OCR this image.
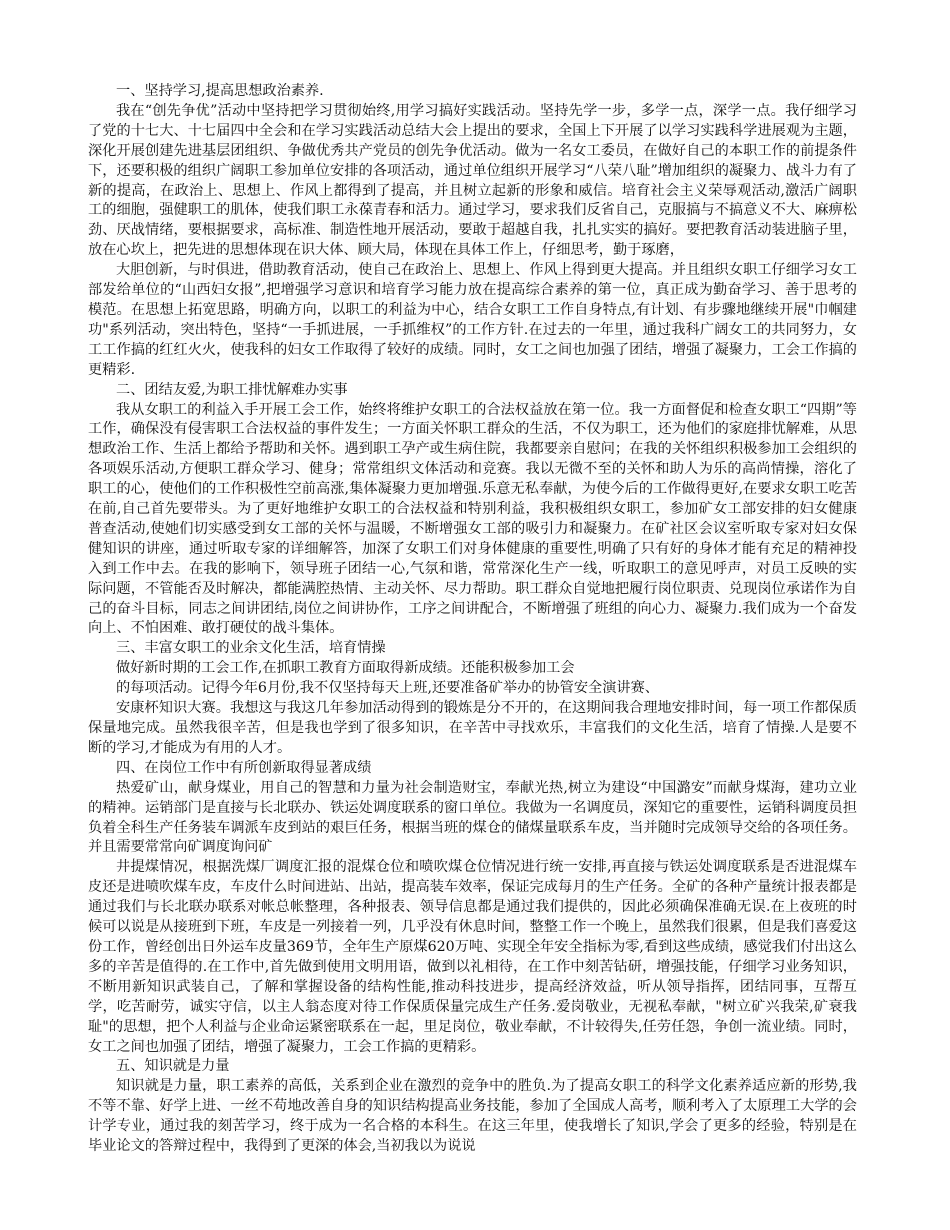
一、坚持学习,提高思想政治素养.
我在“创先争优”活动中坚持把学习贯彻始终,用学习搞好实践活动。坚持先学一步，多学一点，深学一点。我仔细学习了党的十七大、十七届四中全会和在学习实践活动总结大会上提出的要求，全国上下开展了以学习实践科学进展观为主题，深化开展创建先进基层团组织、争做优秀共产党员的创先争优活动。做为一名女工委员，在做好自己的本职工作的前提条件下，还要积极的组织广阔职工参加单位安排的各项活动，通过单位组织开展学习“八荣八耻”增加组织的凝聚力、战斗力有了新的提高，在政治上、思想上、作风上都得到了提高，并且树立起新的形象和威信。培育社会主义荣辱观活动,激活广阔职工的细胞，强健职工的肌体，使我们职工永葆青春和活力。通过学习，要求我们反省自己，克服搞与不搞意义不大、麻痹松劲、厌战情绪，要根据要求，高标准、制造性地开展活动，要敢于超越自我，扎扎实实的搞好。要把教育活动装进脑子里，放在心坎上，把先进的思想体现在识大体、顾大局，体现在具体工作上，仔细思考，勤于琢磨，
大胆创新，与时俱进，借助教育活动，使自己在政治上、思想上、作风上得到更大提高。并且组织女职工仔细学习女工部发给单位的“山西妇女报”,把增强学习意识和培育学习能力放在提高综合素养的第一位，真正成为勤奋学习、善于思考的模范。在思想上拓宽思路，明确方向，以职工的利益为中心，结合女职工工作自身特点,有计划、有步骤地继续开展"巾帼建功"系列活动，突出特色，坚持“一手抓进展，一手抓维权”的工作方针.在过去的一年里，通过我科广阔女工的共同努力，女工工作搞的红红火火，使我科的妇女工作取得了较好的成绩。同时，女工之间也加强了团结，增强了凝聚力，工会工作搞的更精彩.
二、团结友爱,为职工排忧解难办实事
我从女职工的利益入手开展工会工作，始终将维护女职工的合法权益放在第一位。我一方面督促和检查女职工“四期”等工作，确保没有侵害职工合法权益的事件发生；一方面关怀职工群众的生活，不仅为职工，还为他们的家庭排忧解难，从思想政治工作、生活上都给予帮助和关怀。遇到职工孕产或生病住院，我都要亲自慰问；在我的关怀组织积极参加工会组织的各项娱乐活动,方便职工群众学习、健身；常常组织文体活动和竞赛。我以无微不至的关怀和助人为乐的高尚情操，溶化了职工的心，使他们的工作积极性空前高涨,集体凝聚力更加增强.乐意无私奉献，为使今后的工作做得更好,在要求女职工吃苦在前,自己首先要带头。为了更好地维护女职工的合法权益和特别利益，我积极组织女职工，参加矿女工部安排的妇女健康普查活动,使她们切实感受到女工部的关怀与温暖，不断增强女工部的吸引力和凝聚力。在矿社区会议室听取专家对妇女保健知识的讲座，通过听取专家的详细解答，加深了女职工们对身体健康的重要性,明确了只有好的身体才能有充足的精神投入到工作中去。在我的影响下，领导班子团结一心,气氛和谐，常常深化生产一线，听取职工的意见呼声，对员工反映的实际问题，不管能否及时解决，都能满腔热情、主动关怀、尽力帮助。职工群众自觉地把履行岗位职责、兑现岗位承诺作为自己的奋斗目标，同志之间讲团结,岗位之间讲协作，工序之间讲配合，不断增强了班组的向心力、凝聚力.我们成为一个奋发向上、不怕困难、敢打硬仗的战斗集体。
三、丰富女职工的业余文化生活，培育情操
做好新时期的工会工作,在抓职工教育方面取得新成绩。还能积极参加工会
的每项活动。记得今年6月份,我不仅坚持每天上班,还要准备矿举办的协管安全演讲赛、
安康杯知识大赛。我想这与我这几年参加活动得到的锻炼是分不开的，在这期间我合理地安排时间，每一项工作都保质保量地完成。虽然我很辛苦，但是我也学到了很多知识，在辛苦中寻找欢乐，丰富我们的文化生活，培育了情操.人是要不断的学习,才能成为有用的人才。
四、在岗位工作中有所创新取得显著成绩
热爱矿山，献身煤业，用自己的智慧和力量为社会制造财宝，奉献光热,树立为建设“中国潞安”而献身煤海，建功立业的精神。运销部门是直接与长北联办、铁运处调度联系的窗口单位。我做为一名调度员，深知它的重要性，运销科调度员担负着全科生产任务装车调派车皮到站的艰巨任务，根据当班的煤仓的储煤量联系车皮，当并随时完成领导交给的各项任务。并且需要常常向矿调度询问矿
井提煤情况，根据洗煤厂调度汇报的混煤仓位和喷吹煤仓位情况进行统一安排,再直接与铁运处调度联系是否进混煤车皮还是进喷吹煤车皮，车皮什么时间进站、出站，提高装车效率，保证完成每月的生产任务。全矿的各种产量统计报表都是通过我们与长北联办联系对帐总帐整理，各种报表、领导信息都是通过我们提供的，因此必须确保准确无误.在上夜班的时候可以说是从接班到下班，车皮是一列接着一列，几乎没有休息时间，整整工作一个晚上，虽然我们很累，但是我们喜爱这份工作，曾经创出日外运车皮量369节，全年生产原煤620万吨、实现全年安全指标为零,看到这些成绩，感觉我们付出这么多的辛苦是值得的.在工作中,首先做到使用文明用语，做到以礼相待，在工作中刻苦钻研，增强技能，仔细学习业务知识，不断用新知识武装自己，了解和掌握设备的结构性能,推动科技进步，提高经济效益，听从领导指挥，团结同事，互帮互学，吃苦耐劳，诚实守信，以主人翁态度对待工作保质保量完成生产任务.爱岗敬业，无视私奉献，"树立矿兴我荣,矿衰我耻"的思想，把个人利益与企业命运紧密联系在一起，里足岗位，敬业奉献，不计较得失,任劳任怨，争创一流业绩。同时，女工之间也加强了团结，增强了凝聚力，工会工作搞的更精彩。
五、知识就是力量
知识就是力量，职工素养的高低，关系到企业在激烈的竞争中的胜负.为了提高女职工的科学文化素养适应新的形势,我不等不靠、好学上进、一丝不苟地改善自身的知识结构提高业务技能，参加了全国成人高考，顺利考入了太原理工大学的会计学专业，通过我的刻苦学习，终于成为一名合格的本科生。在这三年里，使我增长了知识,学会了更多的经验，特别是在毕业论文的答辩过程中，我得到了更深的体会,当初我以为说说
